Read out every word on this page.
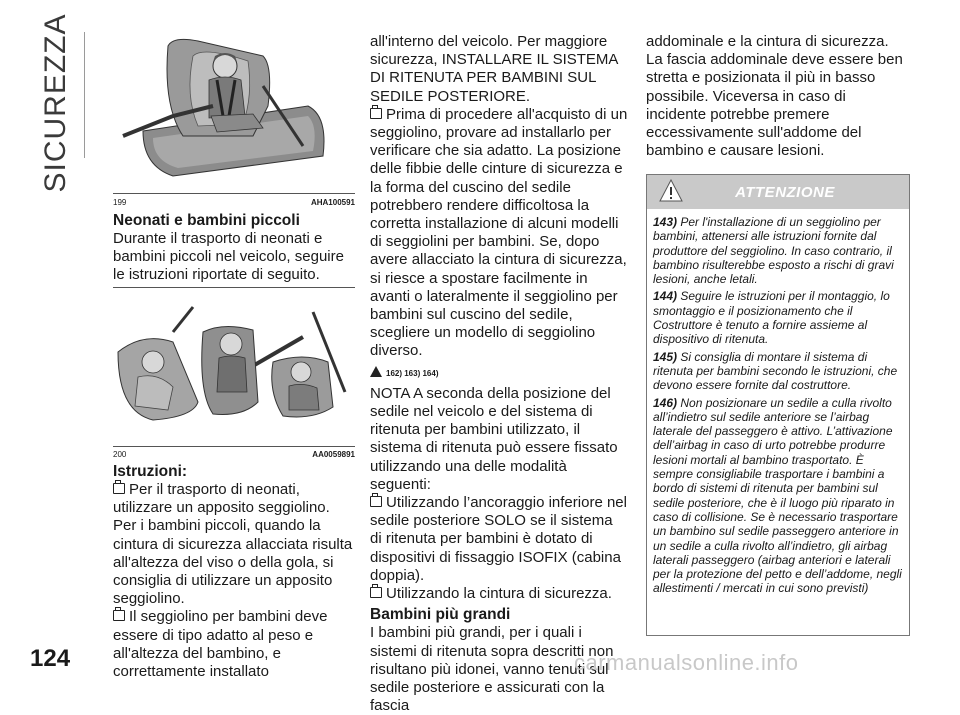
SICUREZZA
199	AHA100591

Neonati e bambini piccoli

Durante il trasporto di neonati e bambini piccoli nel veicolo, seguire le istruzioni riportate di seguito.

200	AA0059891

Istruzioni:

Per il trasporto di neonati, utilizzare un apposito seggiolino. Per i bambini piccoli, quando la cintura di sicurezza allacciata risulta all'altezza del viso o della gola, si consiglia di utilizzare un apposito seggiolino.

Il seggiolino per bambini deve essere di tipo adatto al peso e all'altezza del bambino, e correttamente installato

all'interno del veicolo. Per maggiore sicurezza, INSTALLARE IL SISTEMA DI RITENUTA PER BAMBINI SUL SEDILE POSTERIORE.

Prima di procedere all'acquisto di un seggiolino, provare ad installarlo per verificare che sia adatto. La posizione delle fibbie delle cinture di sicurezza e la forma del cuscino del sedile potrebbero rendere difficoltosa la corretta installazione di alcuni modelli di seggiolini per bambini. Se, dopo avere allacciato la cintura di sicurezza, si riesce a spostare facilmente in avanti o lateralmente il seggiolino per bambini sul cuscino del sedile, scegliere un modello di seggiolino diverso.

162) 163) 164)

NOTA A seconda della posizione del sedile nel veicolo e del sistema di ritenuta per bambini utilizzato, il sistema di ritenuta può essere fissato utilizzando una delle modalità seguenti:

Utilizzando l’ancoraggio inferiore nel sedile posteriore SOLO se il sistema di ritenuta per bambini è dotato di dispositivi di fissaggio ISOFIX (cabina doppia).

Utilizzando la cintura di sicurezza.

Bambini più grandi

I bambini più grandi, per i quali i sistemi di ritenuta sopra descritti non risultano più idonei, vanno tenuti sul sedile posteriore e assicurati con la fascia

addominale e la cintura di sicurezza. La fascia addominale deve essere ben stretta e posizionata il più in basso possibile. Viceversa in caso di incidente potrebbe premere eccessivamente sull'addome del bambino e causare lesioni.

ATTENZIONE

143) Per l'installazione di un seggiolino per bambini, attenersi alle istruzioni fornite dal produttore del seggiolino. In caso contrario, il bambino risulterebbe esposto a rischi di gravi lesioni, anche letali.

144) Seguire le istruzioni per il montaggio, lo smontaggio e il posizionamento che il Costruttore è tenuto a fornire assieme al dispositivo di ritenuta.

145) Si consiglia di montare il sistema di ritenuta per bambini secondo le istruzioni, che devono essere fornite dal costruttore.

146) Non posizionare un sedile a culla rivolto all’indietro sul sedile anteriore se l’airbag laterale del passeggero è attivo. L’attivazione dell’airbag in caso di urto potrebbe produrre lesioni mortali al bambino trasportato. È sempre consigliabile trasportare i bambini a bordo di sistemi di ritenuta per bambini sul sedile posteriore, che è il luogo più riparato in caso di collisione. Se è necessario trasportare un bambino sul sedile passeggero anteriore in un sedile a culla rivolto all’indietro, gli airbag laterali passeggero (airbag anteriori e laterali per la protezione del petto e dell’addome, negli allestimenti / mercati in cui sono previsti)

124	carmanualsonline.info
